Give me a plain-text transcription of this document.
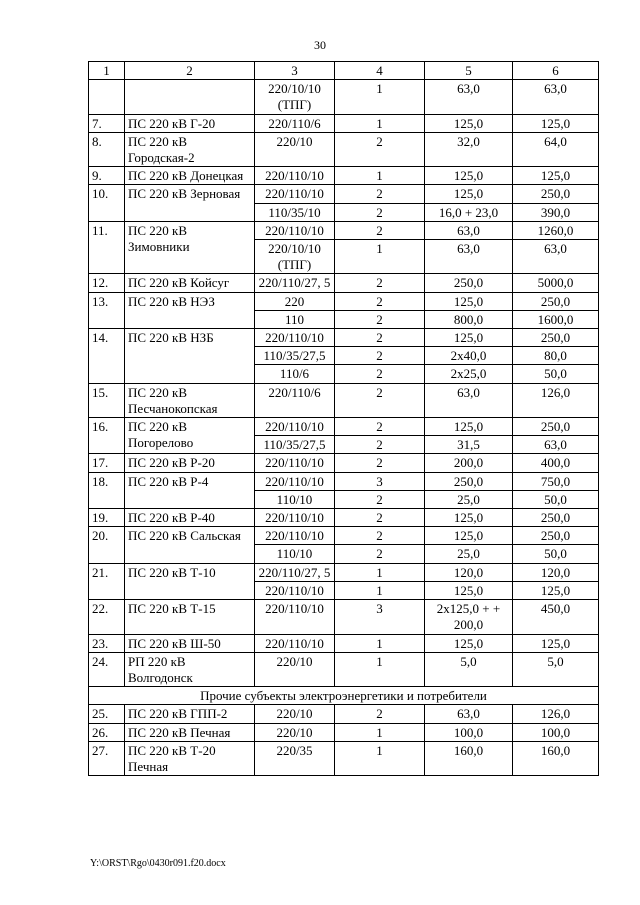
30
1	2	3	4	5	6
		220/10/10 (ТПГ)	1	63,0	63,0
7.	ПС 220 кВ Г-20	220/110/6	1	125,0	125,0
8.	ПС 220 кВ Городская-2	220/10	2	32,0	64,0
9.	ПС 220 кВ Донецкая	220/110/10	1	125,0	125,0
10.	ПС 220 кВ Зерновая	220/110/10	2	125,0	250,0
		110/35/10	2	16,0 + 23,0	390,0
11.	ПС 220 кВ Зимовники	220/110/10	2	63,0	1260,0
		220/10/10 (ТПГ)	1	63,0	63,0
12.	ПС 220 кВ Койсуг	220/110/27, 5	2	250,0	5000,0
13.	ПС 220 кВ НЭЗ	220	2	125,0	250,0
		110	2	800,0	1600,0
14.	ПС 220 кВ НЗБ	220/110/10	2	125,0	250,0
		110/35/27,5	2	2х40,0	80,0
		110/6	2	2х25,0	50,0
15.	ПС 220 кВ Песчанокопская	220/110/6	2	63,0	126,0
16.	ПС 220 кВ Погорелово	220/110/10	2	125,0	250,0
		110/35/27,5	2	31,5	63,0
17.	ПС 220 кВ Р-20	220/110/10	2	200,0	400,0
18.	ПС 220 кВ Р-4	220/110/10	3	250,0	750,0
		110/10	2	25,0	50,0
19.	ПС 220 кВ Р-40	220/110/10	2	125,0	250,0
20.	ПС 220 кВ Сальская	220/110/10	2	125,0	250,0
		110/10	2	25,0	50,0
21.	ПС 220 кВ Т-10	220/110/27, 5	1	120,0	120,0
		220/110/10	1	125,0	125,0
22.	ПС 220 кВ Т-15	220/110/10	3	2х125,0 + + 200,0	450,0
23.	ПС 220 кВ Ш-50	220/110/10	1	125,0	125,0
24.	РП 220 кВ Волгодонск	220/10	1	5,0	5,0
Прочие субъекты электроэнергетики и потребители					
25.	ПС 220 кВ ГПП-2	220/10	2	63,0	126,0
26.	ПС 220 кВ Печная	220/10	1	100,0	100,0
27.	ПС 220 кВ Т-20 Печная	220/35	1	160,0	160,0
Y:\ORST\Rgo\0430r091.f20.docx
